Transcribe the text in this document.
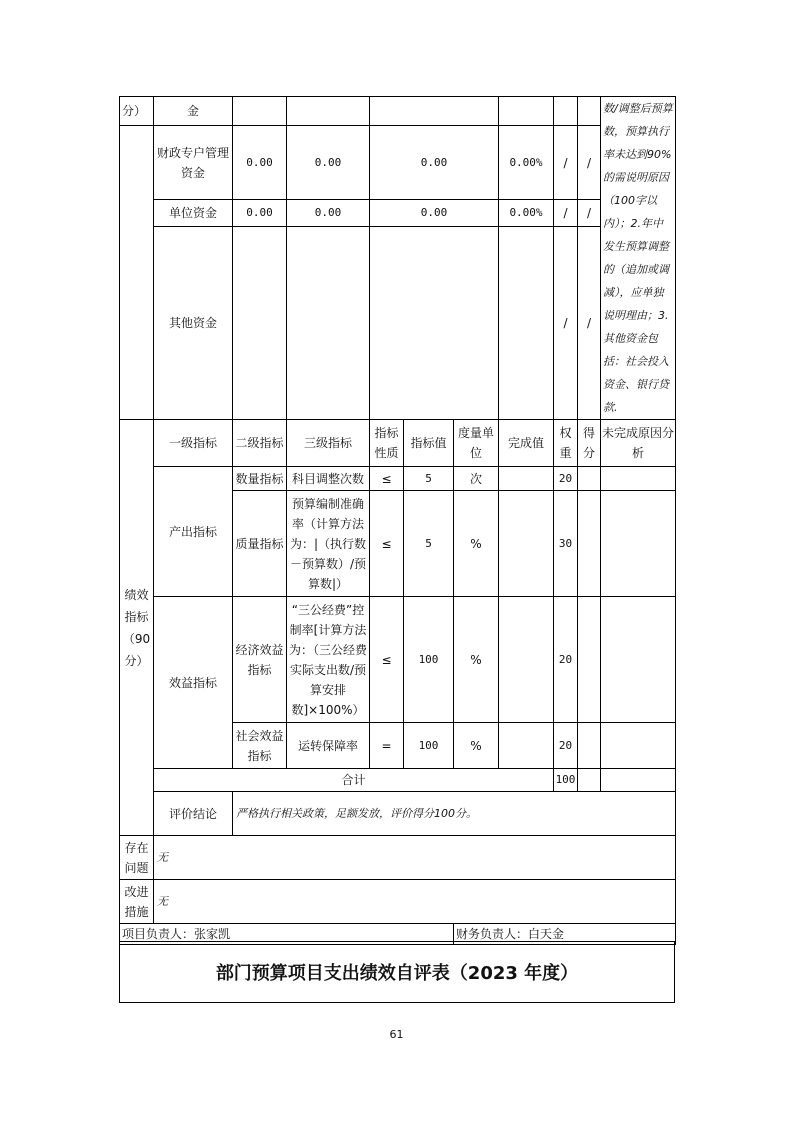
分）	金									数/调整后预算数，预算执行率未达到90%的需说明原因（100字以内）；2.年中发生预算调整的（追加或调减），应单独说明理由；3.其他资金包括：社会投入资金、银行贷款.
	财政专户管理资金	0.00	0.00	0.00			0.00%	/	/	
	单位资金	0.00	0.00	0.00			0.00%	/	/	
	其他资金							/	/	
绩效指标（90分）	一级指标	二级指标	三级指标	指标性质	指标值	度量单位	完成值	权重	得分	未完成原因分析
	产出指标	数量指标	科目调整次数	≤	5	次		20		
		质量指标	预算编制准确率（计算方法为：|（执行数－预算数）/预算数|）	≤	5	%		30		
	效益指标	经济效益指标	“三公经费”控制率[计算方法为：（三公经费实际支出数/预算安排数]×100%）	≤	100	%		20		
		社会效益指标	运转保障率	=	100	%		20		
	合计							100		
	评价结论	严格执行相关政策，足额发放，评价得分100分。								
存在问题	无									
改进措施	无									
项目负责人：张家凯						财务负责人：白天金				
部门预算项目支出绩效自评表（2023 年度）
61
